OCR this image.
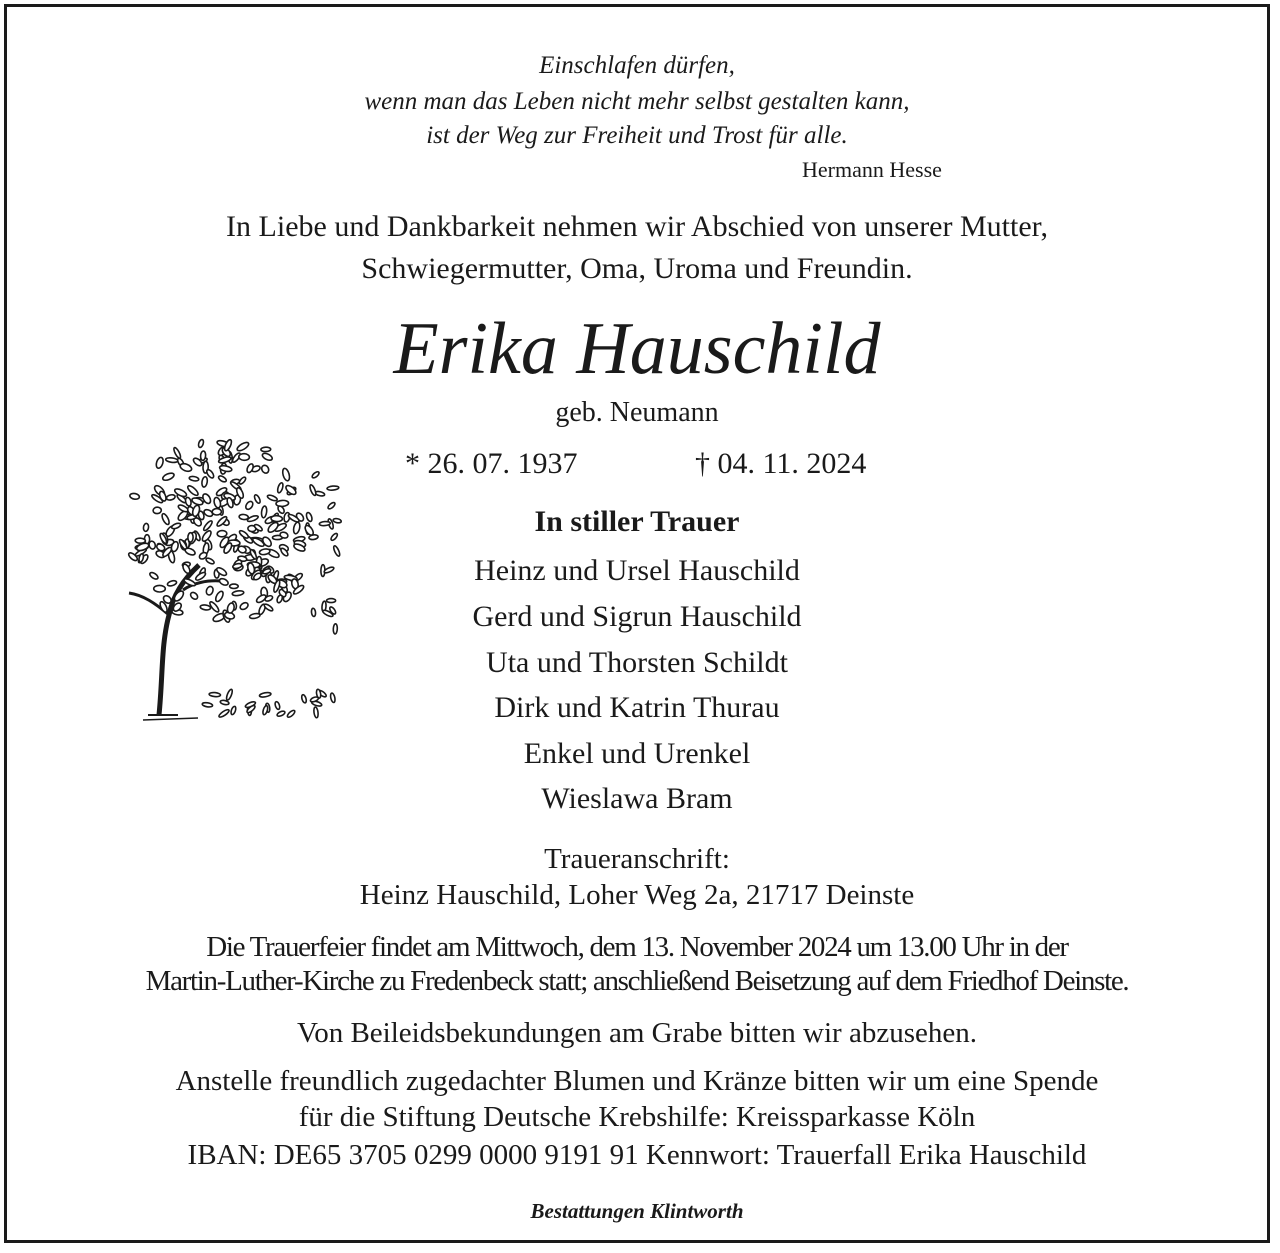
Einschlafen dürfen,
wenn man das Leben nicht mehr selbst gestalten kann,
ist der Weg zur Freiheit und Trost für alle.
Hermann Hesse
In Liebe und Dankbarkeit nehmen wir Abschied von unserer Mutter,
Schwiegermutter, Oma, Uroma und Freundin.
Erika Hauschild
geb. Neumann
* 26. 07. 1937	† 04. 11. 2024
In stiller Trauer
Heinz und Ursel Hauschild
Gerd und Sigrun Hauschild
Uta und Thorsten Schildt
Dirk und Katrin Thurau
Enkel und Urenkel
Wieslawa Bram
Traueranschrift:
Heinz Hauschild, Loher Weg 2a, 21717 Deinste
Die Trauerfeier findet am Mittwoch, dem 13. November 2024 um 13.00 Uhr in der
Martin-Luther-Kirche zu Fredenbeck statt; anschließend Beisetzung auf dem Friedhof Deinste.
Von Beileidsbekundungen am Grabe bitten wir abzusehen.
Anstelle freundlich zugedachter Blumen und Kränze bitten wir um eine Spende
für die Stiftung Deutsche Krebshilfe: Kreissparkasse Köln
IBAN: DE65 3705 0299 0000 9191 91 Kennwort: Trauerfall Erika Hauschild
Bestattungen Klintworth
